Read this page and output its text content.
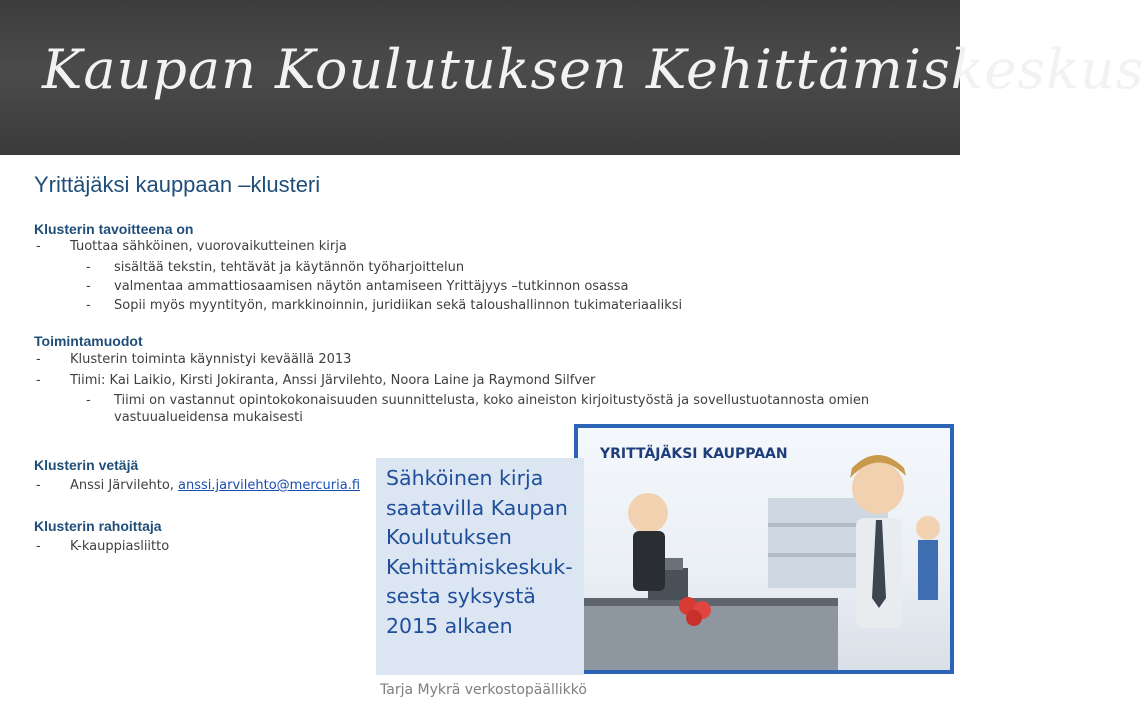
Kaupan Koulutuksen Kehittämiskeskus
Yrittäjäksi kauppaan –klusteri
Klusterin tavoitteena on
- Tuottaa sähköinen, vuorovaikutteinen kirja
- sisältää tekstin, tehtävät ja käytännön työharjoittelun
- valmentaa ammattiosaamisen näytön antamiseen Yrittäjyys –tutkinnon osassa
- Sopii myös myyntityön, markkinoinnin, juridiikan sekä taloushallinnon tukimateriaaliksi
Toimintamuodot
- Klusterin toiminta käynnistyi keväällä 2013
- Tiimi: Kai Laikio, Kirsti Jokiranta, Anssi Järvilehto, Noora Laine ja Raymond Silfver
- Tiimi on vastannut opintokokonaisuuden suunnittelusta, koko aineiston kirjoitustyöstä ja sovellustuotannosta omien
vastuualueidensa mukaisesti
Klusterin vetäjä
- Anssi Järvilehto, anssi.jarvilehto@mercuria.fi
Klusterin rahoittaja
- K-kauppiasliitto
YRITTÄJÄKSI KAUPPAAN
Sähköinen kirja
saatavilla Kaupan
Koulutuksen
Kehittämiskeskuk-
sesta syksystä
2015 alkaen
Tarja Mykrä verkostopäällikkö
